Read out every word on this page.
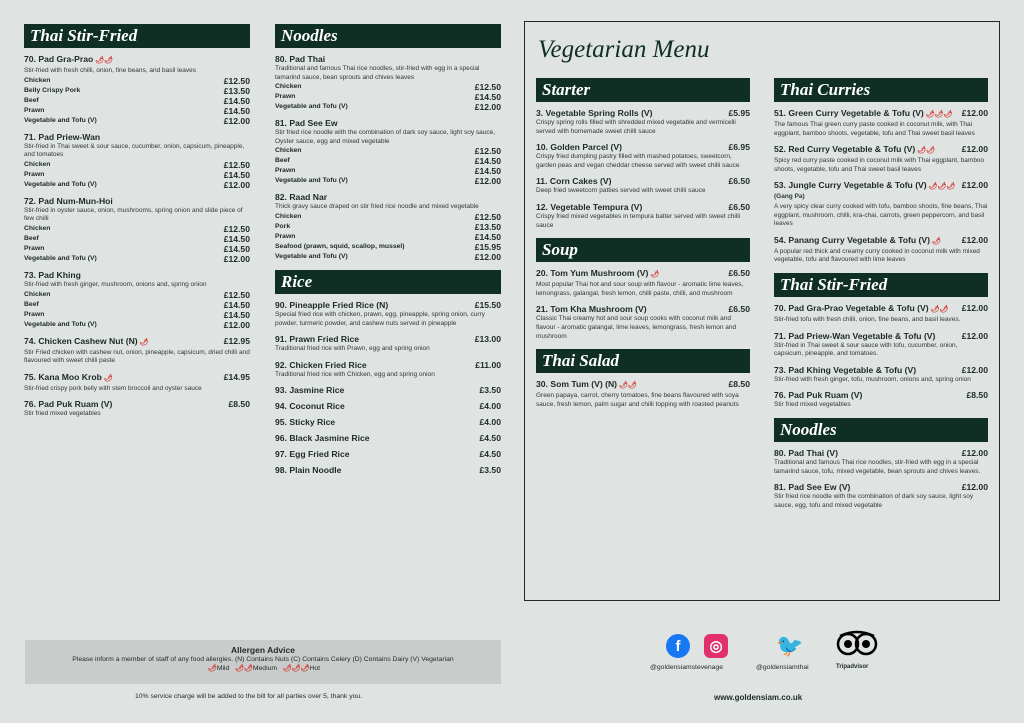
Thai Stir-Fried
70. Pad Gra-Prao 🌶🌶
Stir-fried with fresh chilli, onion, fine beans, and basil leaves
Chicken	£12.50
Belly Crispy Pork	£13.50
Beef	£14.50
Prawn	£14.50
Vegetable and Tofu (V)	£12.00
71. Pad Priew-Wan
Stir-fried in Thai sweet & sour sauce, cucumber, onion, capsicum, pineapple, and tomatoes
Chicken	£12.50
Prawn	£14.50
Vegetable and Tofu (V)	£12.00
72. Pad Num-Mun-Hoi
Stir-fried in oyster sauce, onion, mushrooms, spring onion and slide piece of few chilli
Chicken	£12.50
Beef	£14.50
Prawn	£14.50
Vegetable and Tofu (V)	£12.00
73. Pad Khing
Stir-fried with fresh ginger, mushroom, onions and, spring onion
Chicken	£12.50
Beef	£14.50
Prawn	£14.50
Vegetable and Tofu (V)	£12.00
74. Chicken Cashew Nut (N) 🌶	£12.95
Stir Fried chicken with cashew nut, onion, pineapple, capsicum, dried chilli and flavoured with sweet chilli paste
75. Kana Moo Krob 🌶	£14.95
Stir-fried crispy pork belly with stem broccoli and oyster sauce
76. Pad Puk Ruam (V)	£8.50
Stir fried mixed vegetables
Noodles
80. Pad Thai
Traditional and famous Thai rice noodles, stir-fried with egg in a special tamarind sauce, bean sprouts and chives leaves
Chicken	£12.50
Prawn	£14.50
Vegetable and Tofu (V)	£12.00
81. Pad See Ew
Stir fried rice noodle with the combination of dark soy sauce, light soy sauce, Oyster sauce, egg and mixed vegetable
Chicken	£12.50
Beef	£14.50
Prawn	£14.50
Vegetable and Tofu (V)	£12.00
82. Raad Nar
Thick gravy sauce draped on stir fried rice noodle and mixed vegetable
Chicken	£12.50
Pork	£13.50
Prawn	£14.50
Seafood (prawn, squid, scallop, mussel)	£15.95
Vegetable and Tofu (V)	£12.00
Rice
90. Pineapple Fried Rice (N)	£15.50
Special fried rice with chicken, prawn, egg, pineapple, spring onion, curry powder, turmeric powder, and cashew nuts served in pineapple
91. Prawn Fried Rice	£13.00
Traditional fried rice with Prawn, egg and spring onion
92. Chicken Fried Rice	£11.00
Traditional fried rice with Chicken, egg and spring onion
93. Jasmine Rice	£3.50
94. Coconut Rice	£4.00
95. Sticky Rice	£4.00
96. Black Jasmine Rice	£4.50
97. Egg Fried Rice	£4.50
98. Plain Noodle	£3.50
Vegetarian Menu
Starter
3. Vegetable Spring Rolls (V)	£5.95
Crispy spring rolls filled with shredded mixed vegetable and vermicelli served with homemade sweet chilli sauce
10. Golden Parcel (V)	£6.95
Crispy fried dumpling pastry filled with mashed potatoes, sweetcorn, garden peas and vegan cheddar cheese served with sweet chilli sauce
11. Corn Cakes (V)	£6.50
Deep fried sweetcorn patties served with sweet chilli sauce
12. Vegetable Tempura (V)	£6.50
Crispy fried mixed vegetables in tempura batter served with sweet chilli sauce
Soup
20. Tom Yum Mushroom (V) 🌶	£6.50
Most popular Thai hot and sour soup with flavour - aromatic lime leaves, lemongrass, galangal, fresh lemon, chilli paste, chilli, and mushroom
21. Tom Kha Mushroom (V)	£6.50
Classic Thai creamy hot and sour soup cooks with coconut milk and flavour - aromatic galangal, lime leaves, lemongrass, fresh lemon and mushroom
Thai Salad
30. Som Tum (V) (N) 🌶🌶	£8.50
Green papaya, carrot, cherry tomatoes, fine beans flavoured with soya sauce, fresh lemon, palm sugar and chilli topping with roasted peanuts
Thai Curries
51. Green Curry Vegetable & Tofu (V) 🌶🌶🌶 £12.00
The famous Thai green curry paste cooked in coconut milk, with Thai eggplant, bamboo shoots, vegetable, tofu and Thai sweet basil leaves
52. Red Curry Vegetable & Tofu (V) 🌶🌶	£12.00
Spicy red curry paste cooked in coconut milk with Thai eggplant, bamboo shoots, vegetable, tofu and Thai sweet basil leaves
53. Jungle Curry Vegetable & Tofu (V) 🌶🌶🌶 £12.00
(Gang Pa)
A very spicy clear curry cooked with tofu, bamboo shoots, fine beans, Thai eggplant, mushroom, chilli, kra-chai, carrots, green peppercorn, and basil leaves
54. Panang Curry Vegetable & Tofu (V) 🌶 £12.00
A popular red thick and creamy curry cooked in coconut milk with mixed vegetable, tofu and flavoured with lime leaves
Thai Stir-Fried
70. Pad Gra-Prao Vegetable & Tofu (V) 🌶🌶 £12.00
Stir-fried tofu with fresh chilli, onion, fine beans, and basil leaves.
71. Pad Priew-Wan Vegetable & Tofu (V)	£12.00
Stir-fried in Thai sweet & sour sauce with tofu, cucumber, onion, capsicum, pineapple, and tomatoes.
73. Pad Khing Vegetable & Tofu (V)	£12.00
Stir-fried with fresh ginger, tofu, mushroom, onions and, spring onion
76. Pad Puk Ruam (V)	£8.50
Stir fried mixed vegetables
Noodles
80. Pad Thai (V)	£12.00
Traditional and famous Thai rice noodles, stir-fried with egg in a special tamarind sauce, tofu, mixed vegetable, bean sprouts and chives leaves.
81. Pad See Ew (V)	£12.00
Stir fried rice noodle with the combination of dark soy sauce, light soy sauce, egg, tofu and mixed vegetable
Allergen Advice
Please inform a member of staff of any food allergies. (N) Contains Nuts (C) Contains Celery (D) Contains Dairy (V) Vegetarian
🌶Mild 🌶🌶Medium 🌶🌶🌶Hot
10% service charge will be added to the bill for all parties over 5, thank you.
f	◎ 🐦
@goldensiamstevenage	@goldensiamthai	Tripadvisor
www.goldensiam.co.uk
